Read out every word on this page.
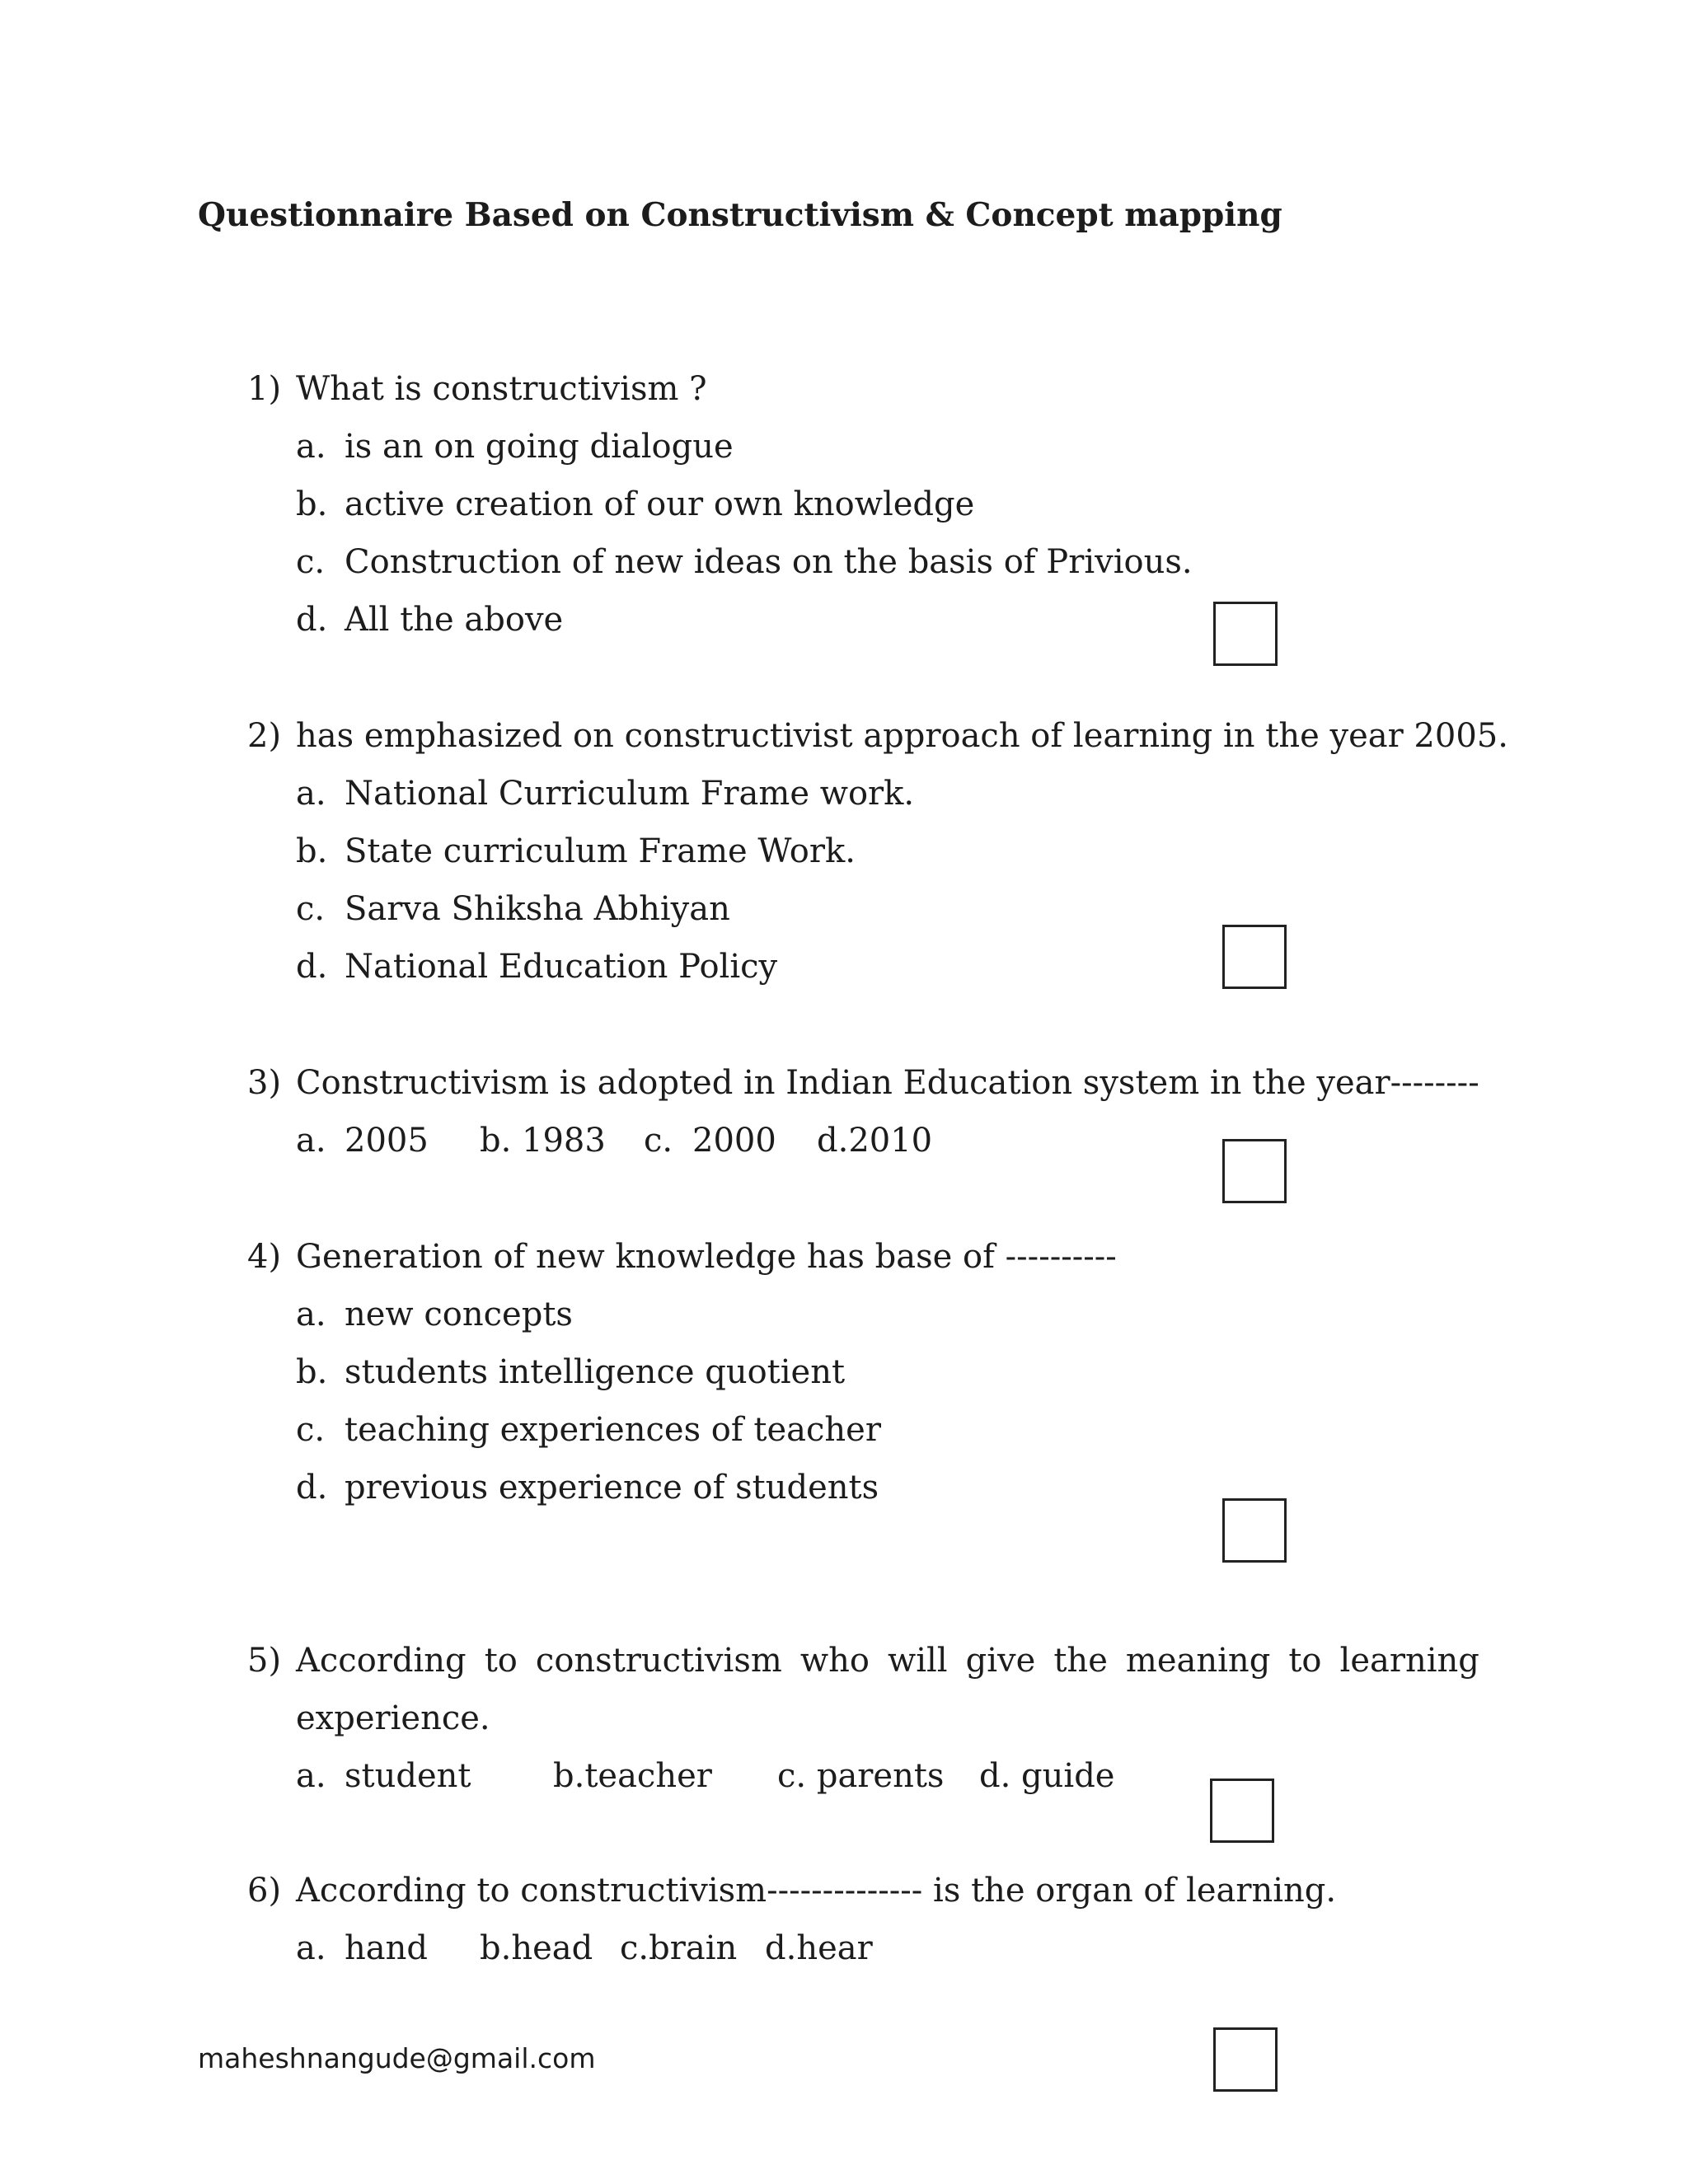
Questionnaire Based on Constructivism & Concept mapping
1) What is constructivism ?
a. is an on going dialogue
b. active creation of our own knowledge
c. Construction of new ideas on the basis of Privious.
d. All the above
2) has emphasized on constructivist approach of learning in the year 2005.
a. National Curriculum Frame work.
b. State curriculum Frame Work.
c. Sarva Shiksha Abhiyan
d. National Education Policy
3) Constructivism is adopted in Indian Education system in the year--------
a. 2005 b. 1983 c. 2000 d.2010
4) Generation of new knowledge has base of ----------
a. new concepts
b. students intelligence quotient
c. teaching experiences of teacher
d. previous experience of students
5) According to constructivism who will give the meaning to learning
experience.
a. student b.teacher c. parents d. guide
6) According to constructivism-------------- is the organ of learning.
a. hand b.head c.brain d.hear
maheshnangude@gmail.com
